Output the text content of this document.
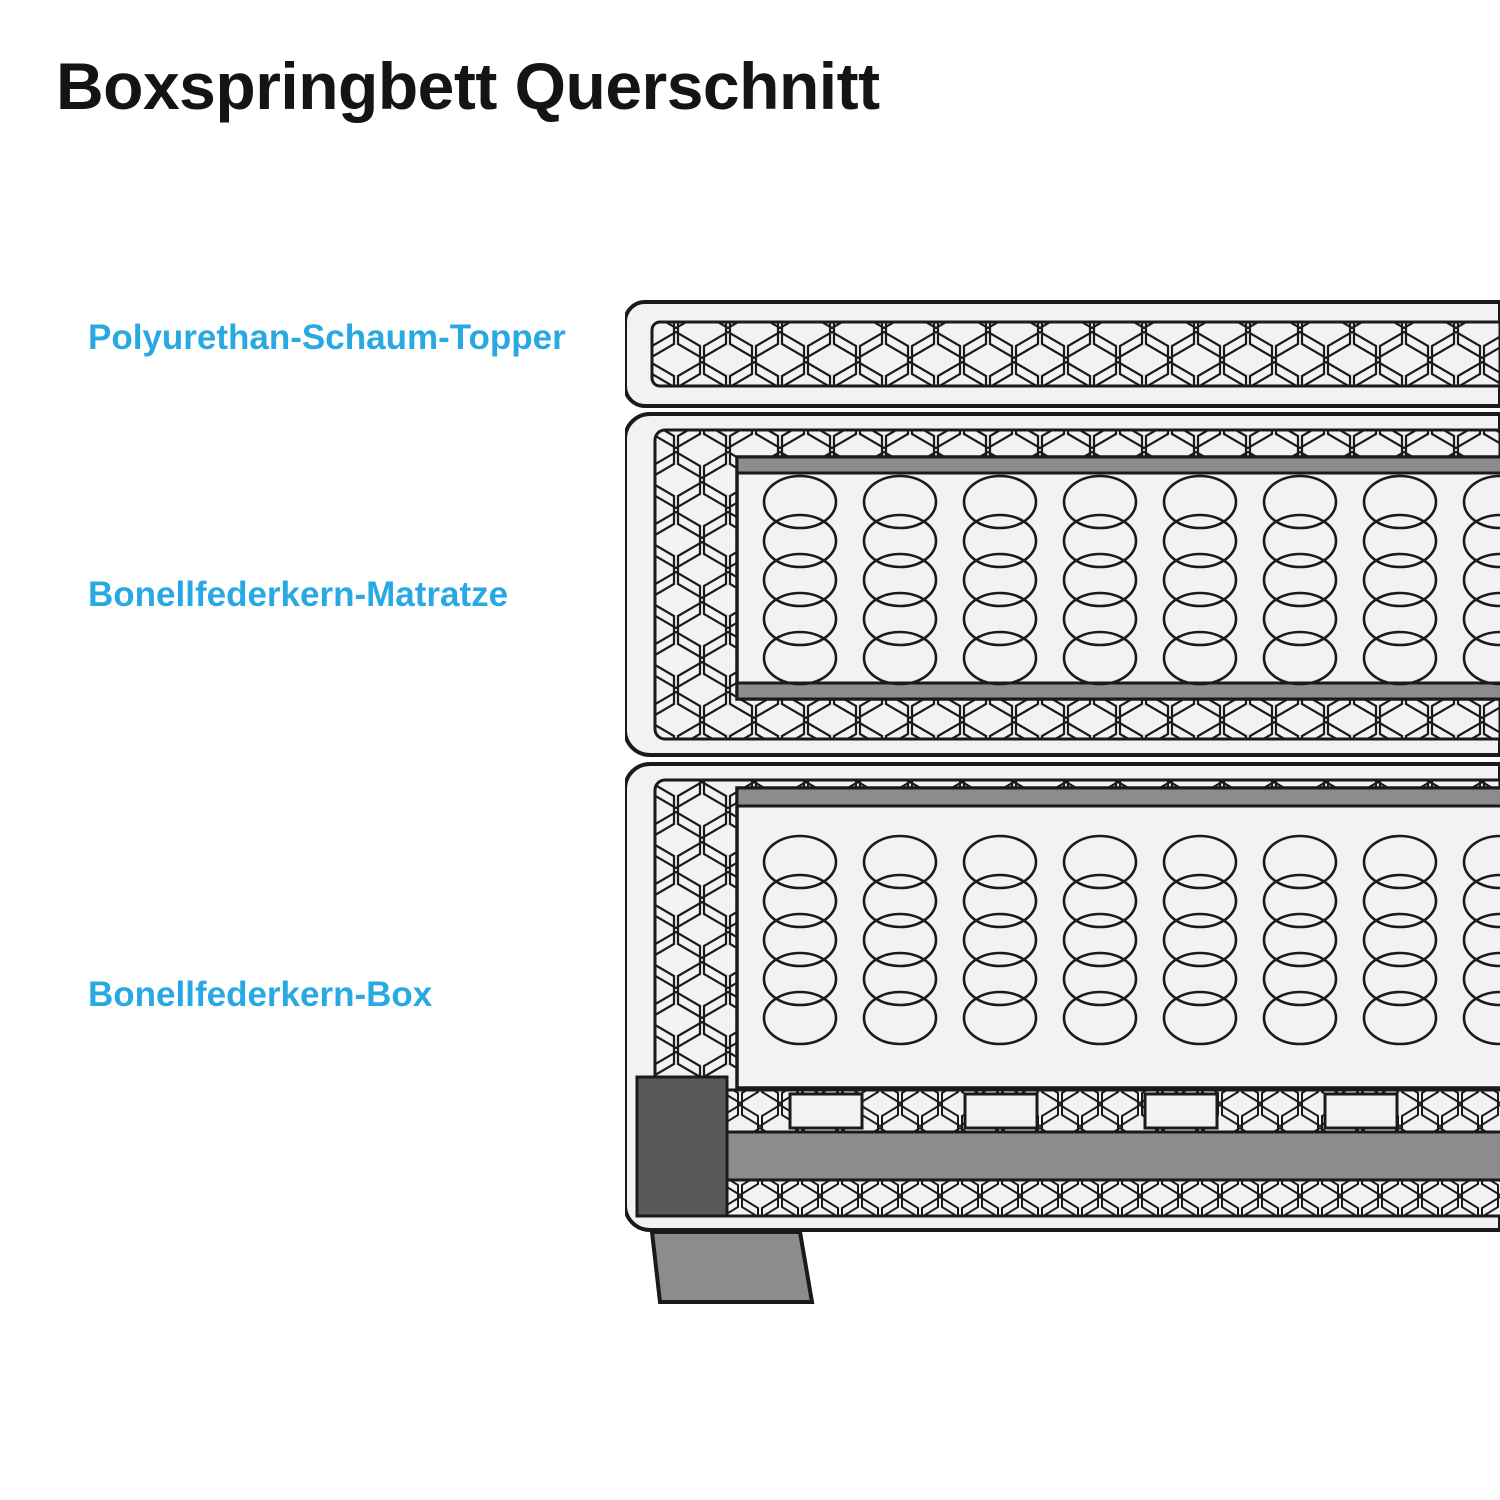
Boxspringbett Querschnitt
Polyurethan-Schaum-Topper
Bonellfederkern-Matratze
Bonellfederkern-Box
